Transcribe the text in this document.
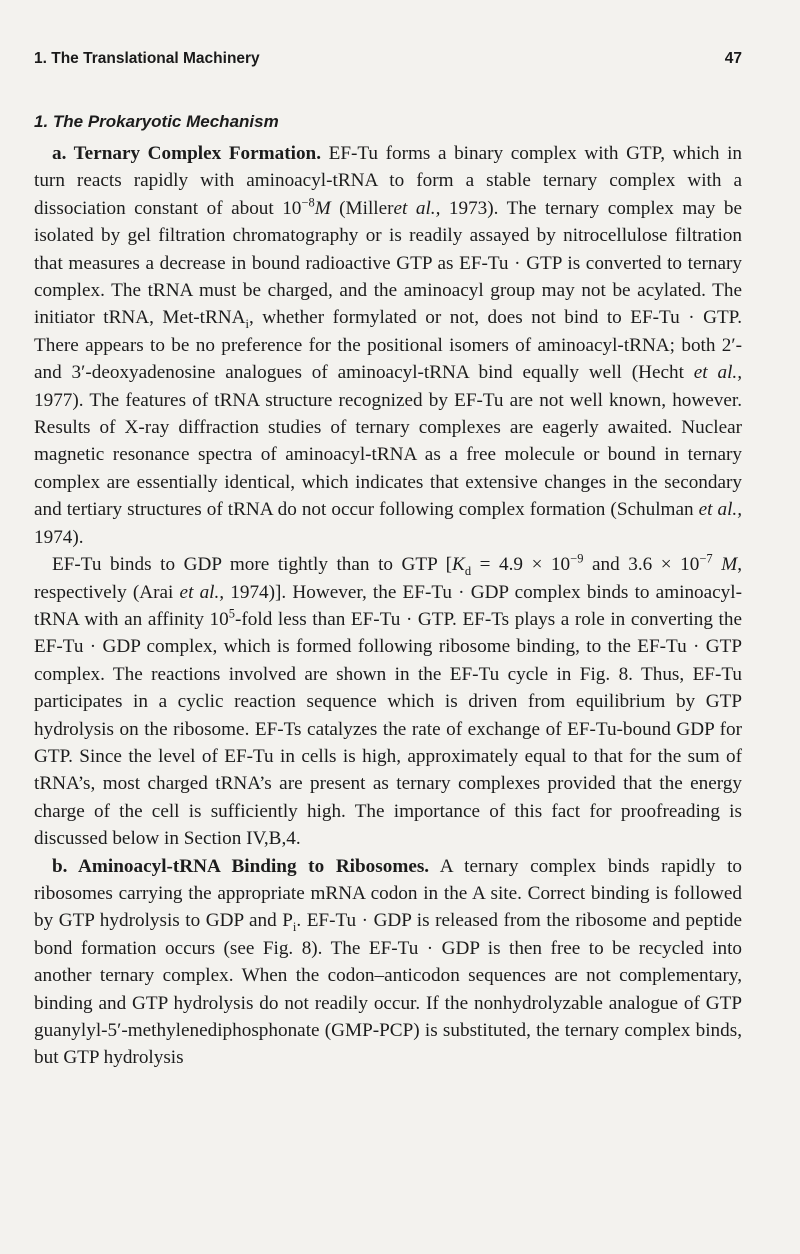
1. The Translational Machinery	47
1. The Prokaryotic Mechanism

a. Ternary Complex Formation. EF-Tu forms a binary complex with GTP, which in turn reacts rapidly with aminoacyl-tRNA to form a stable ternary complex with a dissociation constant of about $10^{-8}M$ (Milleret al., 1973). The ternary complex may be isolated by gel filtration chromatography or is readily assayed by nitrocellulose filtration that measures a decrease in bound radioactive GTP as EF-Tu · GTP is converted to ternary complex. The tRNA must be charged, and the aminoacyl group may not be acylated. The initiator tRNA, Met-tRNA$_i$, whether formylated or not, does not bind to EF-Tu · GTP. There appears to be no preference for the positional isomers of aminoacyl-tRNA; both 2′- and 3′-deoxyadenosine analogues of aminoacyl-tRNA bind equally well (Hecht et al., 1977). The features of tRNA structure recognized by EF-Tu are not well known, however. Results of X-ray diffraction studies of ternary complexes are eagerly awaited. Nuclear magnetic resonance spectra of aminoacyl-tRNA as a free molecule or bound in ternary complex are essentially identical, which indicates that extensive changes in the secondary and tertiary structures of tRNA do not occur following complex formation (Schulman et al., 1974).

EF-Tu binds to GDP more tightly than to GTP [$K_d = 4.9 \times 10^{-9}$ and $3.6 \times 10^{-7}$ M, respectively (Arai et al., 1974)]. However, the EF-Tu · GDP complex binds to aminoacyl-tRNA with an affinity $10^5$-fold less than EF-Tu · GTP. EF-Ts plays a role in converting the EF-Tu · GDP complex, which is formed following ribosome binding, to the EF-Tu · GTP complex. The reactions involved are shown in the EF-Tu cycle in Fig. 8. Thus, EF-Tu participates in a cyclic reaction sequence which is driven from equilibrium by GTP hydrolysis on the ribosome. EF-Ts catalyzes the rate of exchange of EF-Tu-bound GDP for GTP. Since the level of EF-Tu in cells is high, approximately equal to that for the sum of tRNA’s, most charged tRNA’s are present as ternary complexes provided that the energy charge of the cell is sufficiently high. The importance of this fact for proofreading is discussed below in Section IV,B,4.

b. Aminoacyl-tRNA Binding to Ribosomes. A ternary complex binds rapidly to ribosomes carrying the appropriate mRNA codon in the A site. Correct binding is followed by GTP hydrolysis to GDP and $P_i$. EF-Tu · GDP is released from the ribosome and peptide bond formation occurs (see Fig. 8). The EF-Tu · GDP is then free to be recycled into another ternary complex. When the codon–anticodon sequences are not complementary, binding and GTP hydrolysis do not readily occur. If the nonhydrolyzable analogue of GTP guanylyl-5′-methylenediphosphonate (GMP-PCP) is substituted, the ternary complex binds, but GTP hydrolysis
